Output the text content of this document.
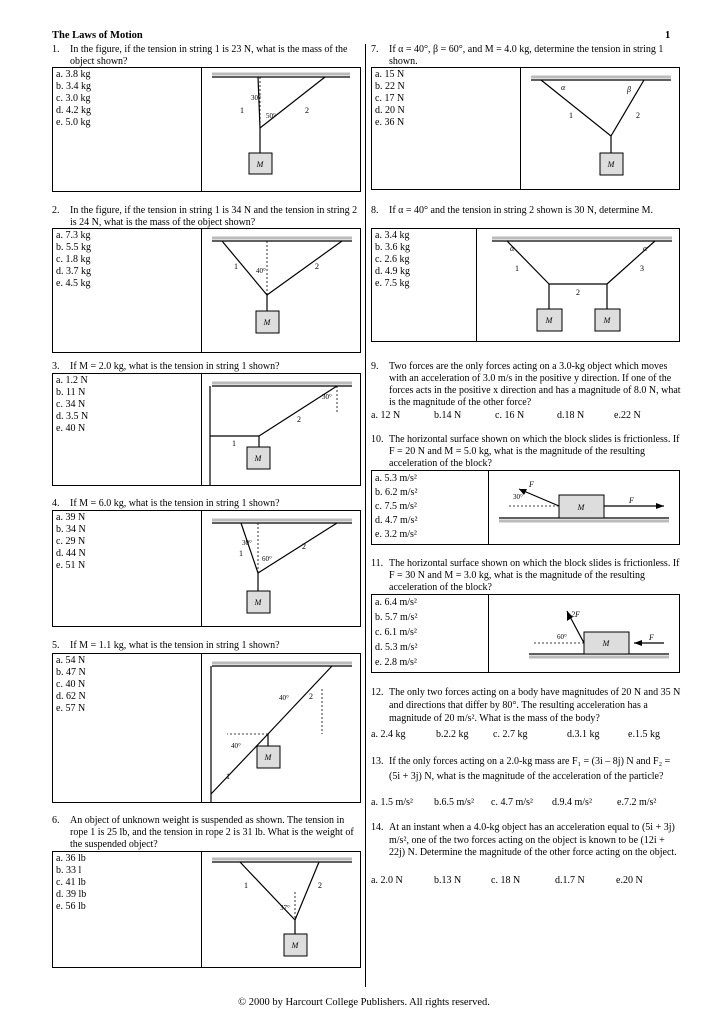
The Laws of Motion	1
1. In the figure, if the tension in string 1 is 23 N, what is the mass of the object shown?
a. 3.8 kg
b. 3.4 kg
c. 3.0 kg
d. 4.2 kg
e. 5.0 kg
M
1	2
30°
50°
2. In the figure, if the tension in string 1 is 34 N and the tension in string 2 is 24 N, what is the mass of the object shown?
a. 7.3 kg
b. 5.5 kg
c. 1.8 kg
d. 3.7 kg
e. 4.5 kg
M
1	2
40°
3. If M = 2.0 kg, what is the tension in string 1 shown?
a. 1.2 N
b. 11 N
c. 34 N
d. 3.5 N
e. 40 N
M
1
2
30°
4. If M = 6.0 kg, what is the tension in string 1 shown?
a. 39 N
b. 34 N
c. 29 N
d. 44 N
e. 51 N
M
1
2
30°
60°
5. If M = 1.1 kg, what is the tension in string 1 shown?
a. 54 N
b. 47 N
c. 40 N
d. 62 N
e. 57 N
M
1
2
40°
40°
6. An object of unknown weight is suspended as shown. The tension in rope 1 is 25 lb, and the tension in rope 2 is 31 lb. What is the weight of the suspended object?
a. 36 lb
b. 33 l
c. 41 lb
d. 39 lb
e. 56 lb
M
1	2
37°
7. If α = 40°, β = 60°, and M = 4.0 kg, determine the tension in string 1 shown.
a. 15 N
b. 22 N
c. 17 N
d. 20 N
e. 36 N
M
1	2
α	β
8. If α = 40° and the tension in string 2 shown is 30 N, determine M.
a. 3.4 kg
b. 3.6 kg
c. 2.6 kg
d. 4.9 kg
e. 7.5 kg
M	M
1
2
3
α	α
9. Two forces are the only forces acting on a 3.0-kg object which moves with an acceleration of 3.0 m/s in the positive y direction. If one of the forces acts in the positive x direction and has a magnitude of 8.0 N, what is the magnitude of the other force?
a. 12 N	b.14 N	c. 16 N	d.18 N	e.22 N
10. The horizontal surface shown on which the block slides is frictionless. If F = 20 N and M = 5.0 kg, what is the magnitude of the resulting acceleration of the block?
a. 5.3 m/s²
b. 6.2 m/s²
c. 7.5 m/s²
d. 4.7 m/s²
e. 3.2 m/s²
M
F
F
30°
11. The horizontal surface shown on which the block slides is frictionless. If F = 30 N and M = 3.0 kg, what is the magnitude of the resulting acceleration of the block?
a. 6.4 m/s²
b. 5.7 m/s²
c. 6.1 m/s²
d. 5.3 m/s²
e. 2.8 m/s²
M
2F
F
60°
12. The only two forces acting on a body have magnitudes of 20 N and 35 N and directions that differ by 80°. The resulting acceleration has a magnitude of 20 m/s². What is the mass of the body?
a. 2.4 kg	b.2.2 kg c. 2.7 kg	d.3.1 kg	e.1.5 kg
13. If the only forces acting on a 2.0-kg mass are F₁ = (3i – 8j) N and F₂ = (5i + 3j) N, what is the magnitude of the acceleration of the particle?
a. 1.5 m/s² b.6.5 m/s² c. 4.7 m/s² d.9.4 m/s²	e.7.2 m/s²
14. At an instant when a 4.0-kg object has an acceleration equal to (5i + 3j) m/s², one of the two forces acting on the object is known to be (12i + 22j) N. Determine the magnitude of the other force acting on the object.
a. 2.0 N	b.13 N	c. 18 N	d.1.7 N	e.20 N
© 2000 by Harcourt College Publishers. All rights reserved.
